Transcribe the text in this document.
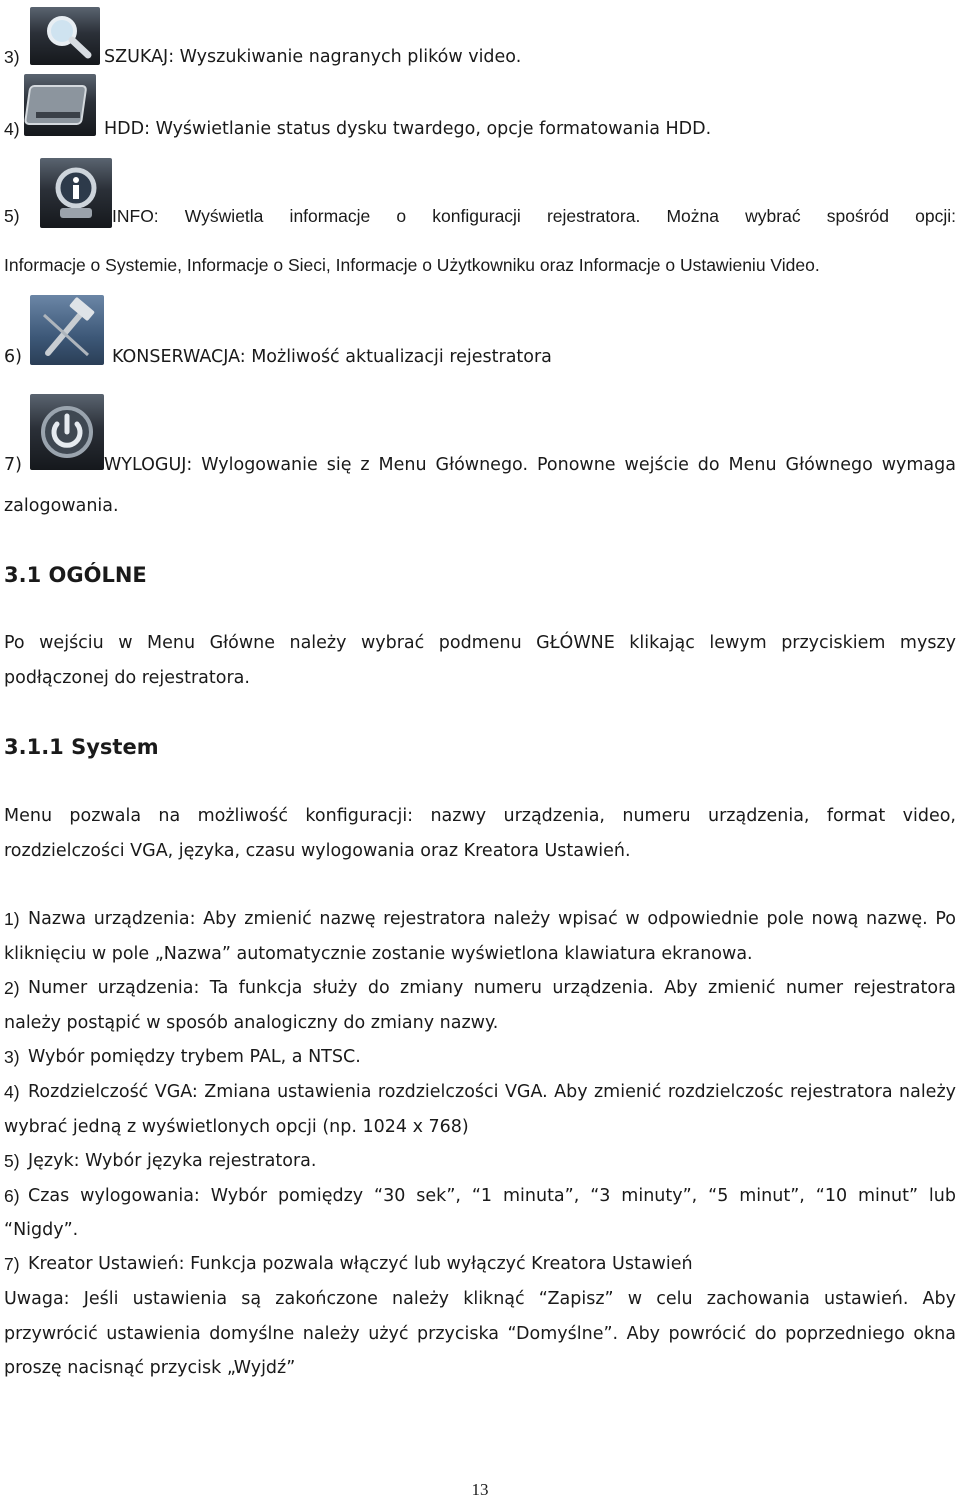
3)	SZUKAJ: Wyszukiwanie nagranych plików video.
4)	HDD: Wyświetlanie status dysku twardego, opcje formatowania HDD.
5)	INFO: Wyświetla informacje o konfiguracji rejestratora. Można wybrać spośród opcji:
Informacje o Systemie, Informacje o Sieci, Informacje o Użytkowniku oraz Informacje o Ustawieniu Video.
6)	KONSERWACJA: Możliwość aktualizacji rejestratora
7)	WYLOGUJ: Wylogowanie się z Menu Głównego. Ponowne wejście do Menu Głównego wymaga
zalogowania.
3.1 OGÓLNE
Po wejściu w Menu Główne należy wybrać podmenu GŁÓWNE klikając lewym przyciskiem myszy
podłączonej do rejestratora.
3.1.1 System
Menu pozwala na możliwość konfiguracji: nazwy urządzenia, numeru urządzenia, format video,
rozdzielczości VGA, języka, czasu wylogowania oraz Kreatora Ustawień.
1) Nazwa urządzenia: Aby zmienić nazwę rejestratora należy wpisać w odpowiednie pole nową nazwę. Po
kliknięciu w pole „Nazwa” automatycznie zostanie wyświetlona klawiatura ekranowa.
2) Numer urządzenia: Ta funkcja służy do zmiany numeru urządzenia. Aby zmienić numer rejestratora
należy postąpić w sposób analogiczny do zmiany nazwy.
3) Wybór pomiędzy trybem PAL, a NTSC.
4) Rozdzielczość VGA: Zmiana ustawienia rozdzielczości VGA. Aby zmienić rozdzielczośc rejestratora należy
wybrać jedną z wyświetlonych opcji (np. 1024 x 768)
5) Język: Wybór języka rejestratora.
6) Czas wylogowania: Wybór pomiędzy “30 sek”, “1 minuta”, “3 minuty”, “5 minut”, “10 minut” lub
“Nigdy”.
7) Kreator Ustawień: Funkcja pozwala włączyć lub wyłączyć Kreatora Ustawień
Uwaga: Jeśli ustawienia są zakończone należy kliknąć “Zapisz” w celu zachowania ustawień. Aby
przywrócić ustawienia domyślne należy użyć przyciska “Domyślne”. Aby powrócić do poprzedniego okna
proszę nacisnąć przycisk „Wyjdź”
13
